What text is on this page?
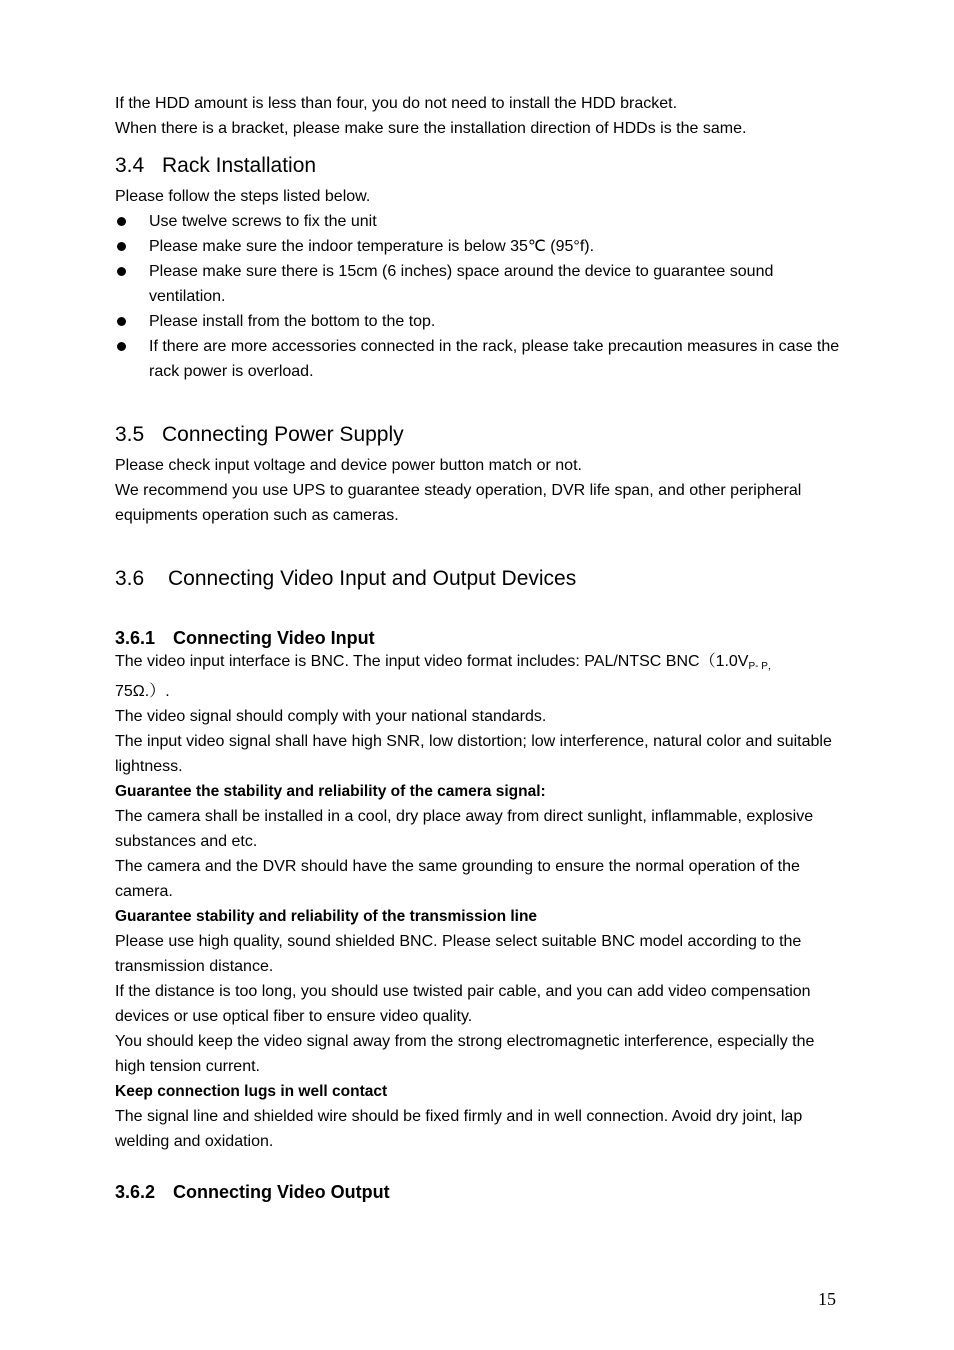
If the HDD amount is less than four, you do not need to install the HDD bracket.

When there is a bracket, please make sure the installation direction of HDDs is the same.

3.4 Rack Installation

Please follow the steps listed below.

Use twelve screws to fix the unit
Please make sure the indoor temperature is below 35℃ (95°f).
Please make sure there is 15cm (6 inches) space around the device to guarantee sound ventilation.
Please install from the bottom to the top.
If there are more accessories connected in the rack, please take precaution measures in case the rack power is overload.
3.5 Connecting Power Supply

Please check input voltage and device power button match or not.

We recommend you use UPS to guarantee steady operation, DVR life span, and other peripheral equipments operation such as cameras.

3.6 Connecting Video Input and Output Devices
3.6.1 Connecting Video Input

The video input interface is BNC. The input video format includes: PAL/NTSC $BNC(1.0V_{P- P,}$
75Ω.）.

The video signal should comply with your national standards.

The input video signal shall have high SNR, low distortion; low interference, natural color and suitable lightness.

Guarantee the stability and reliability of the camera signal:

The camera shall be installed in a cool, dry place away from direct sunlight, inflammable, explosive substances and etc.

The camera and the DVR should have the same grounding to ensure the normal operation of the camera.

Guarantee stability and reliability of the transmission line

Please use high quality, sound shielded BNC. Please select suitable BNC model according to the transmission distance.

If the distance is too long, you should use twisted pair cable, and you can add video compensation devices or use optical fiber to ensure video quality.

You should keep the video signal away from the strong electromagnetic interference, especially the high tension current.

Keep connection lugs in well contact

The signal line and shielded wire should be fixed firmly and in well connection. Avoid dry joint, lap welding and oxidation.

3.6.2 Connecting Video Output
15
